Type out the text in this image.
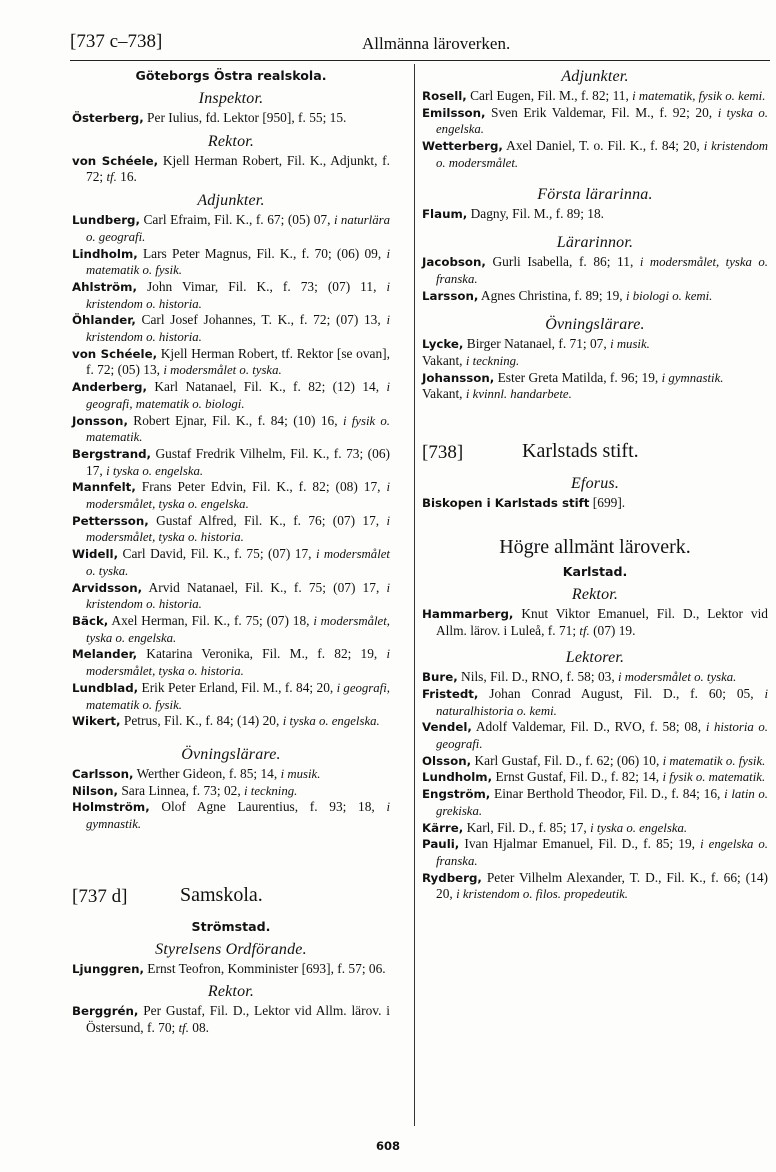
[737 c–738]	Allmänna läroverken.
Göteborgs Östra realskola.
Inspektor.

Österberg, Per Iulius, fd. Lektor [950], f. 55; 15.

Rektor.

von Schéele, Kjell Herman Robert, Fil. K., Adjunkt, f. 72; tf. 16.

Adjunkter.

Lundberg, Carl Efraim, Fil. K., f. 67; (05) 07, i naturlära o. geografi.

Lindholm, Lars Peter Magnus, Fil. K., f. 70; (06) 09, i matematik o. fysik.

Ahlström, John Vimar, Fil. K., f. 73; (07) 11, i kristendom o. historia.

Öhlander, Carl Josef Johannes, T. K., f. 72; (07) 13, i kristendom o. historia.

von Schéele, Kjell Herman Robert, tf. Rektor [se ovan], f. 72; (05) 13, i modersmålet o. tyska.

Anderberg, Karl Natanael, Fil. K., f. 82; (12) 14, i geografi, matematik o. biologi.

Jonsson, Robert Ejnar, Fil. K., f. 84; (10) 16, i fysik o. matematik.

Bergstrand, Gustaf Fredrik Vilhelm, Fil. K., f. 73; (06) 17, i tyska o. engelska.

Mannfelt, Frans Peter Edvin, Fil. K., f. 82; (08) 17, i modersmålet, tyska o. engelska.

Pettersson, Gustaf Alfred, Fil. K., f. 76; (07) 17, i modersmålet, tyska o. historia.

Widell, Carl David, Fil. K., f. 75; (07) 17, i modersmålet o. tyska.

Arvidsson, Arvid Natanael, Fil. K., f. 75; (07) 17, i kristendom o. historia.

Bäck, Axel Herman, Fil. K., f. 75; (07) 18, i modersmålet, tyska o. engelska.

Melander, Katarina Veronika, Fil. M., f. 82; 19, i modersmålet, tyska o. historia.

Lundblad, Erik Peter Erland, Fil. M., f. 84; 20, i geografi, matematik o. fysik.

Wikert, Petrus, Fil. K., f. 84; (14) 20, i tyska o. engelska.

Övningslärare.

Carlsson, Werther Gideon, f. 85; 14, i musik.

Nilson, Sara Linnea, f. 73; 02, i teckning.

Holmström, Olof Agne Laurentius, f. 93; 18, i gymnastik.

[737 d]	Samskola.
Strömstad.
Styrelsens Ordförande.

Ljunggren, Ernst Teofron, Komminister [693], f. 57; 06.

Rektor.

Berggrén, Per Gustaf, Fil. D., Lektor vid Allm. lärov. i Östersund, f. 70; tf. 08.

Adjunkter.

Rosell, Carl Eugen, Fil. M., f. 82; 11, i matematik, fysik o. kemi.

Emilsson, Sven Erik Valdemar, Fil. M., f. 92; 20, i tyska o. engelska.

Wetterberg, Axel Daniel, T. o. Fil. K., f. 84; 20, i kristendom o. modersmålet.

Första lärarinna.

Flaum, Dagny, Fil. M., f. 89; 18.

Lärarinnor.

Jacobson, Gurli Isabella, f. 86; 11, i modersmålet, tyska o. franska.

Larsson, Agnes Christina, f. 89; 19, i biologi o. kemi.

Övningslärare.

Lycke, Birger Natanael, f. 71; 07, i musik.

Vakant, i teckning.

Johansson, Ester Greta Matilda, f. 96; 19, i gymnastik.

Vakant, i kvinnl. handarbete.

[738]	Karlstads stift.
Eforus.

Biskopen i Karlstads stift [699].

Högre allmänt läroverk.
Karlstad.
Rektor.

Hammarberg, Knut Viktor Emanuel, Fil. D., Lektor vid Allm. lärov. i Luleå, f. 71; tf. (07) 19.

Lektorer.

Bure, Nils, Fil. D., RNO, f. 58; 03, i modersmålet o. tyska.

Fristedt, Johan Conrad August, Fil. D., f. 60; 05, i naturalhistoria o. kemi.

Vendel, Adolf Valdemar, Fil. D., RVO, f. 58; 08, i historia o. geografi.

Olsson, Karl Gustaf, Fil. D., f. 62; (06) 10, i matematik o. fysik.

Lundholm, Ernst Gustaf, Fil. D., f. 82; 14, i fysik o. matematik.

Engström, Einar Berthold Theodor, Fil. D., f. 84; 16, i latin o. grekiska.

Kärre, Karl, Fil. D., f. 85; 17, i tyska o. engelska.

Pauli, Ivan Hjalmar Emanuel, Fil. D., f. 85; 19, i engelska o. franska.

Rydberg, Peter Vilhelm Alexander, T. D., Fil. K., f. 66; (14) 20, i kristendom o. filos. propedeutik.

608
